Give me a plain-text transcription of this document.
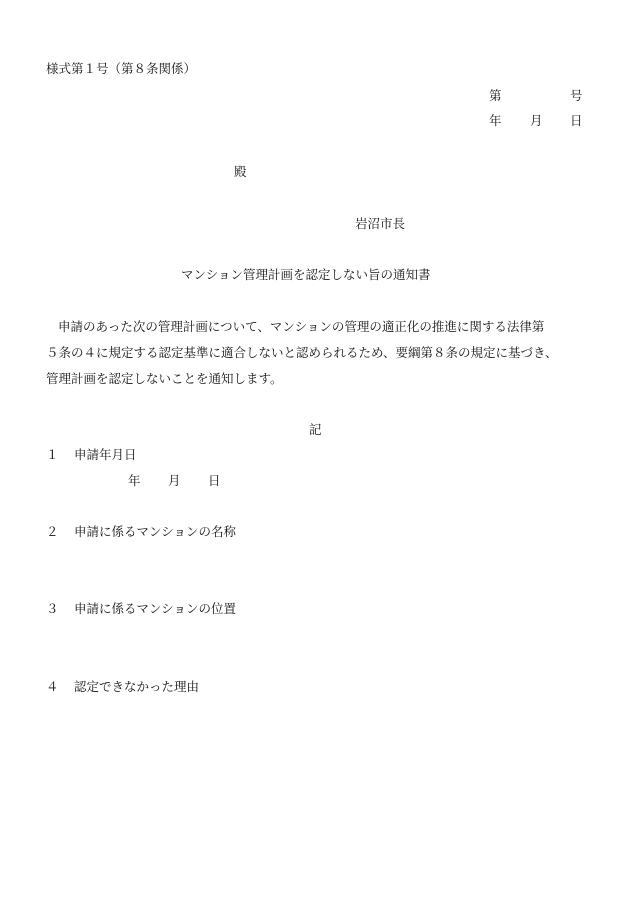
様式第１号（第８条関係）
第	号
年 月 日
殿
岩沼市長
マンション管理計画を認定しない旨の通知書
申請のあった次の管理計画について、マンションの管理の適正化の推進に関する法律第
５条の４に規定する認定基準に適合しないと認められるため、要綱第８条の規定に基づき、
管理計画を認定しないことを通知します。
記
１ 申請年月日
年 月 日
２ 申請に係るマンションの名称
３ 申請に係るマンションの位置
４ 認定できなかった理由
